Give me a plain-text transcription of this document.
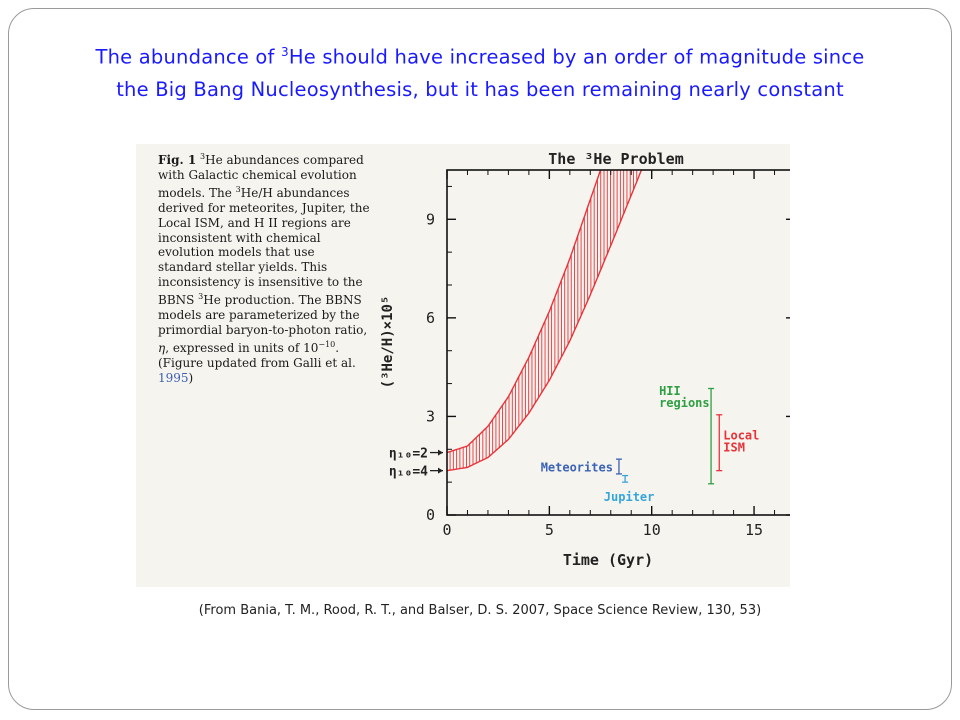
The abundance of $^3$He should have increased by an order of magnitude since
the Big Bang Nucleosynthesis, but it has been remaining nearly constant
Fig. 1 $^3$He abundances compared with Galactic chemical evolution models. The $^3$He/H abundances derived for meteorites, Jupiter, the Local ISM, and H II regions are inconsistent with chemical evolution models that use standard stellar yields. This inconsistency is insensitive to the BBNS $^3$He production. The BBNS models are parameterized by the primordial baryon-to-photon ratio, η, expressed in units of $10^{-10}$. (Figure updated from Galli et al. 1995)
The ³He Problem
0	5	10	15
0
3
6
9
Meteorites
Jupiter
HII
regions
Local
ISM
η₁₀=2
η₁₀=4
Time (Gyr)
(³He/H)×10⁵
(From Bania, T. M., Rood, R. T., and Balser, D. S. 2007, Space Science Review, 130, 53)
